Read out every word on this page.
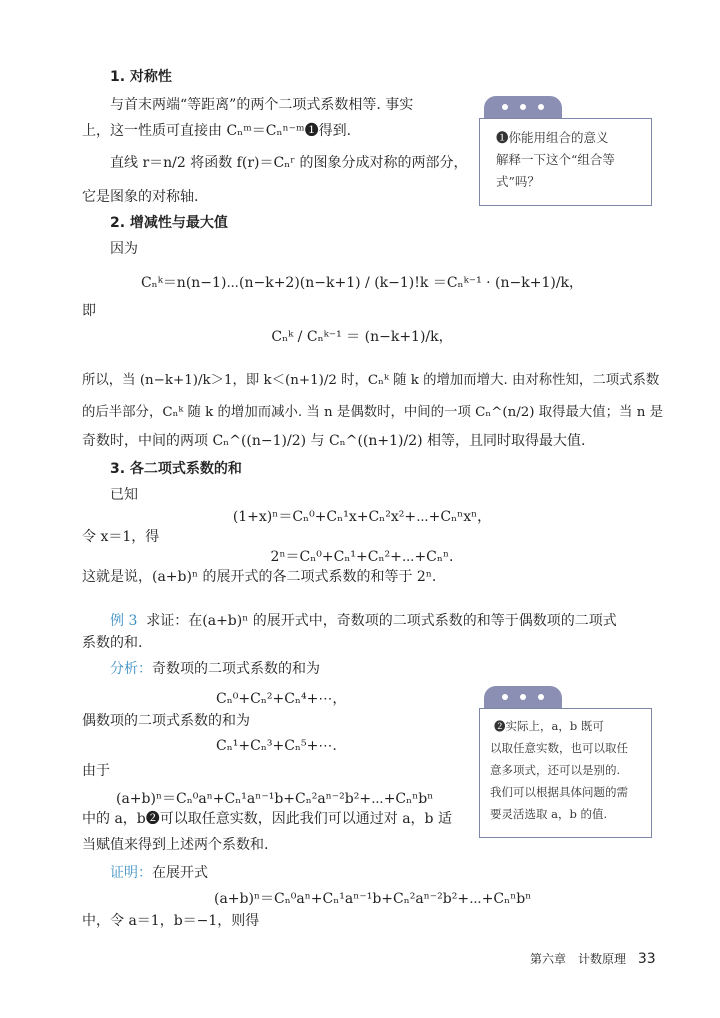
1. 对称性
与首末两端“等距离”的两个二项式系数相等. 事实
上，这一性质可直接由 Cₙᵐ＝Cₙⁿ⁻ᵐ❶得到.
直线 r＝n/2 将函数 f(r)＝Cₙʳ 的图象分成对称的两部分，
它是图象的对称轴.
❶你能用组合的意义
解释一下这个“组合等
式”吗？
2. 增减性与最大值
因为
Cₙᵏ＝n(n−1)⋯(n−k+2)(n−k+1) / (k−1)!k ＝Cₙᵏ⁻¹ · (n−k+1)/k，
即
Cₙᵏ / Cₙᵏ⁻¹ ＝ (n−k+1)/k，
所以，当 (n−k+1)/k＞1，即 k＜(n+1)/2 时，Cₙᵏ 随 k 的增加而增大. 由对称性知，二项式系数
的后半部分，Cₙᵏ 随 k 的增加而减小. 当 n 是偶数时，中间的一项 Cₙ^(n/2) 取得最大值；当 n 是
奇数时，中间的两项 Cₙ^((n−1)/2) 与 Cₙ^((n+1)/2) 相等，且同时取得最大值.
3. 各二项式系数的和
已知
(1+x)ⁿ＝Cₙ⁰+Cₙ¹x+Cₙ²x²+⋯+Cₙⁿxⁿ，
令 x＝1，得
2ⁿ＝Cₙ⁰+Cₙ¹+Cₙ²+⋯+Cₙⁿ.
这就是说，(a+b)ⁿ 的展开式的各二项式系数的和等于 2ⁿ.
例 3 求证：在(a+b)ⁿ 的展开式中，奇数项的二项式系数的和等于偶数项的二项式
系数的和.
分析：奇数项的二项式系数的和为
Cₙ⁰+Cₙ²+Cₙ⁴+⋯，
偶数项的二项式系数的和为
Cₙ¹+Cₙ³+Cₙ⁵+⋯.
由于
(a+b)ⁿ＝Cₙ⁰aⁿ+Cₙ¹aⁿ⁻¹b+Cₙ²aⁿ⁻²b²+⋯+Cₙⁿbⁿ
中的 a，b❷可以取任意实数，因此我们可以通过对 a，b 适
当赋值来得到上述两个系数和.
证明：在展开式
(a+b)ⁿ＝Cₙ⁰aⁿ+Cₙ¹aⁿ⁻¹b+Cₙ²aⁿ⁻²b²+⋯+Cₙⁿbⁿ
中，令 a＝1，b＝−1，则得
❷实际上，a，b 既可
以取任意实数，也可以取任
意多项式，还可以是别的.
我们可以根据具体问题的需
要灵活选取 a，b 的值.
第六章　计数原理 33
